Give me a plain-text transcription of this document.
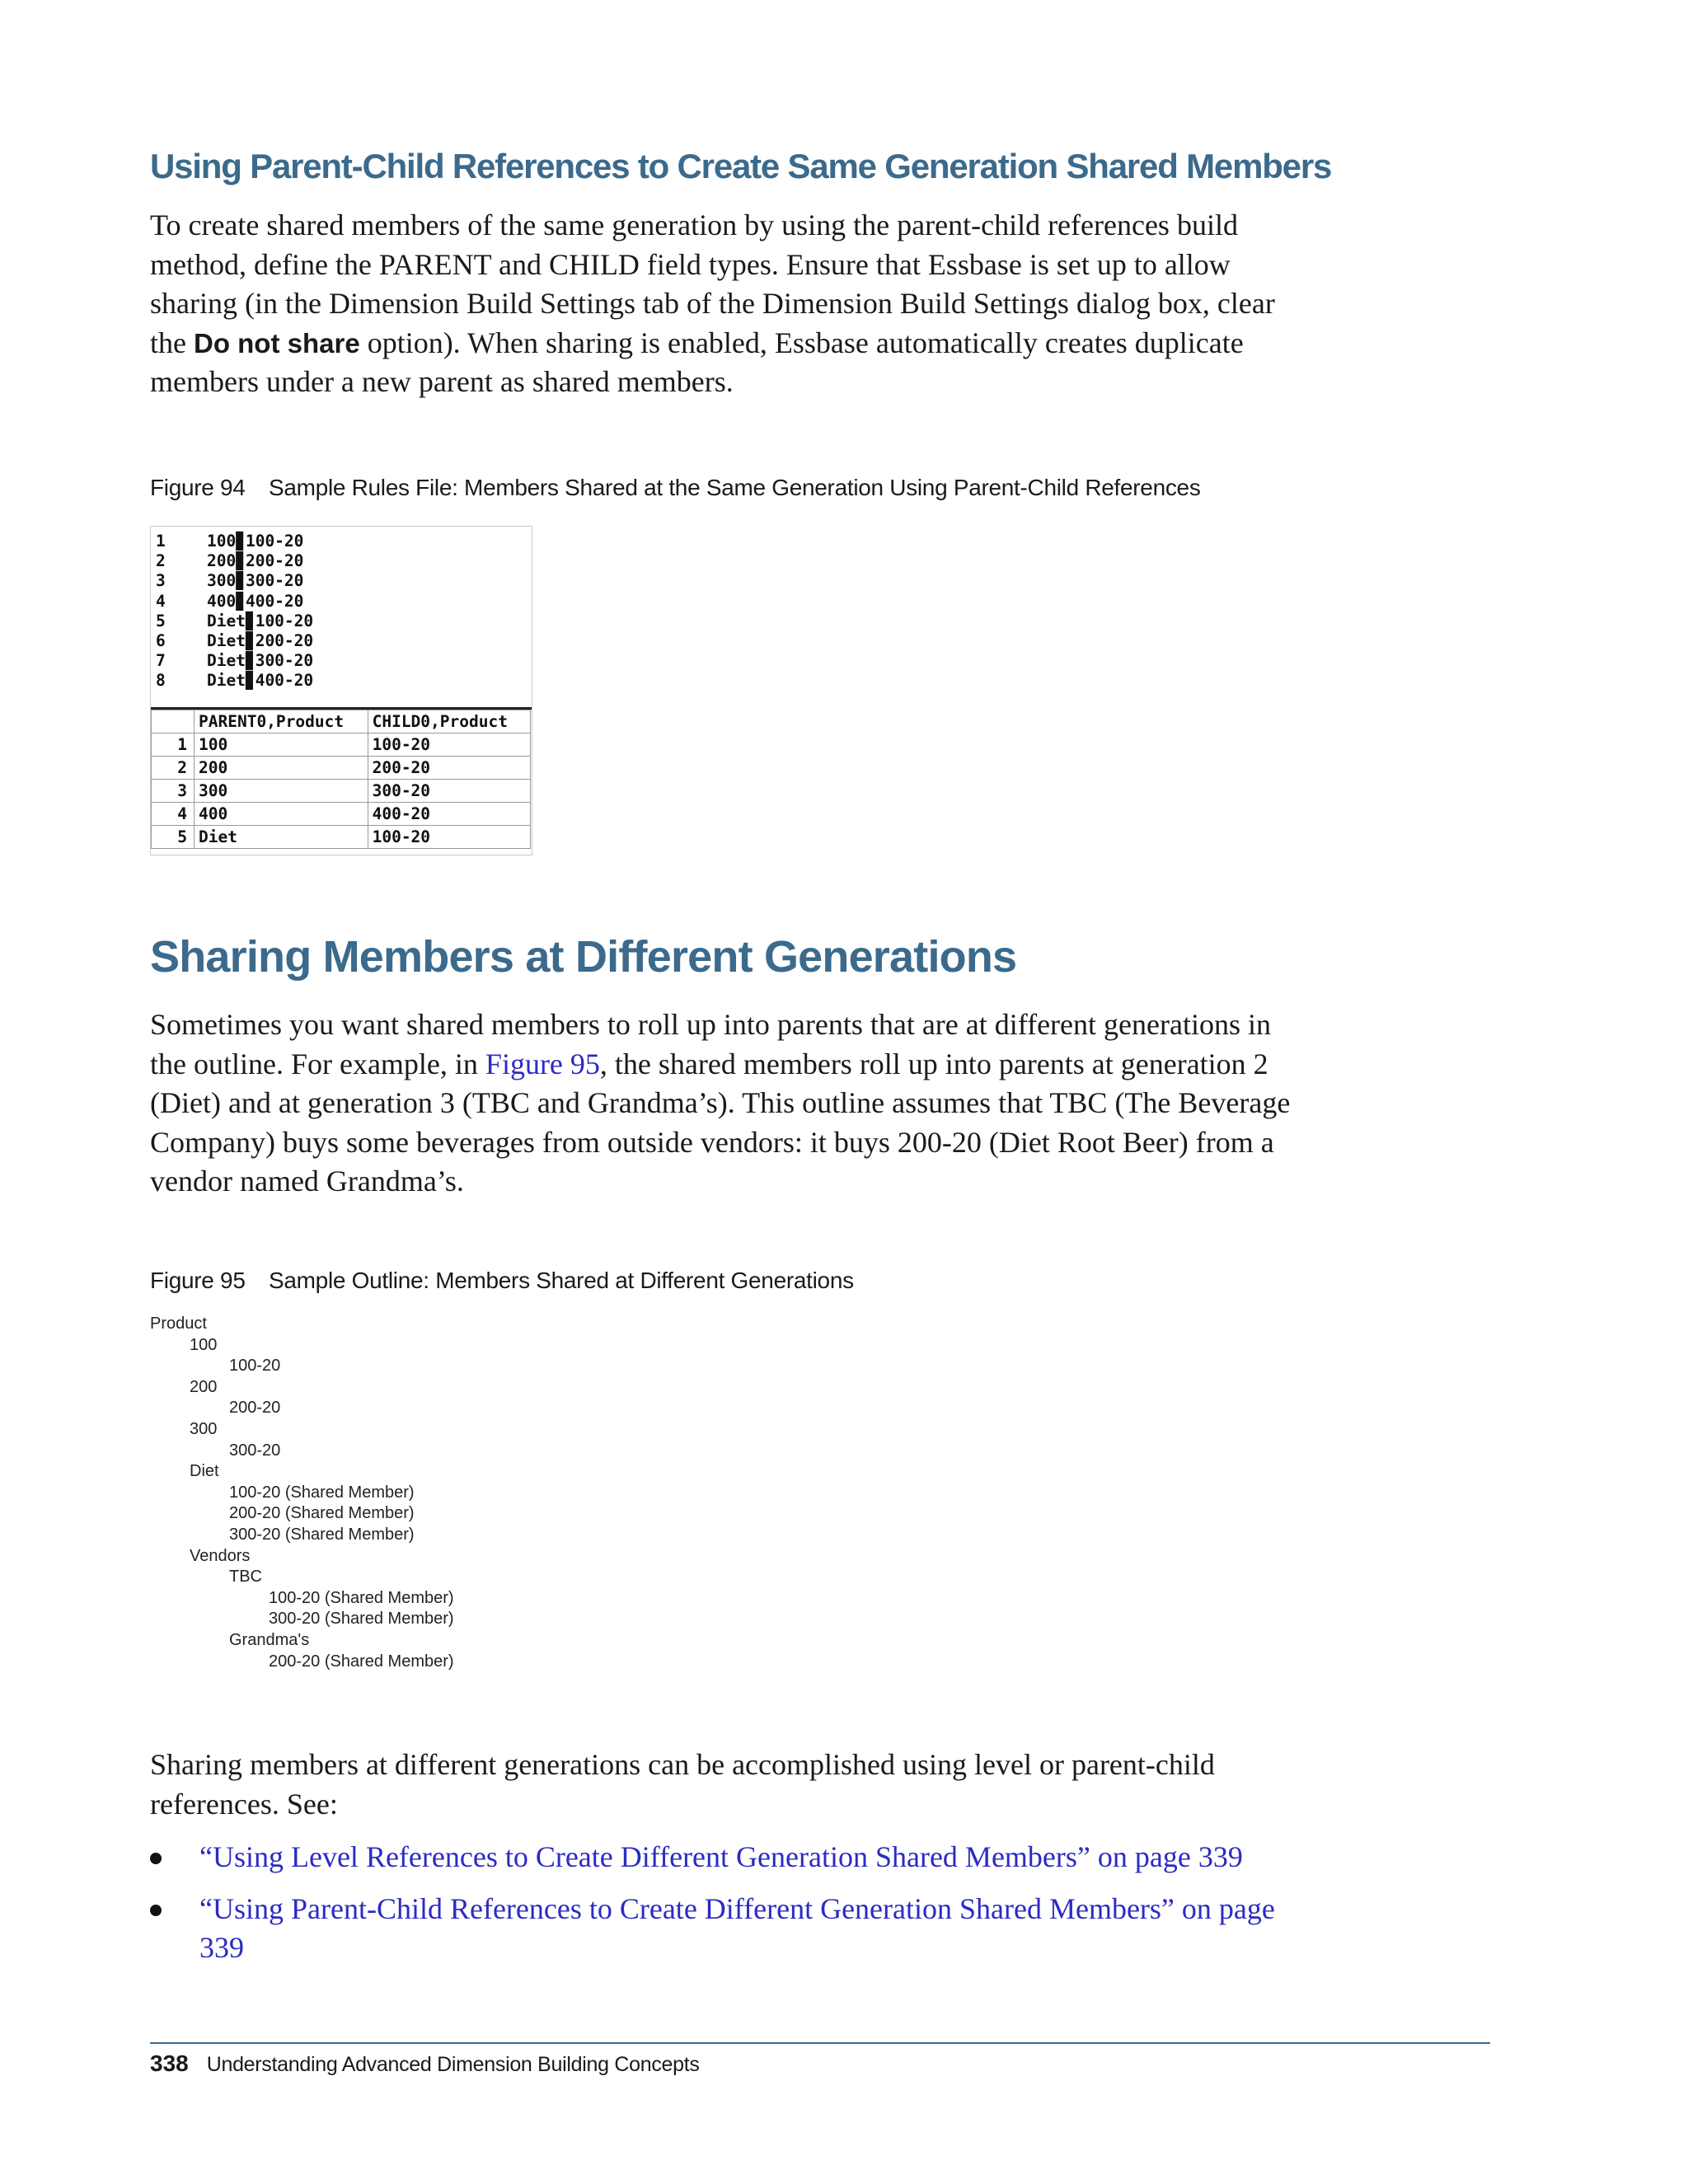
Using Parent-Child References to Create Same Generation Shared Members

To create shared members of the same generation by using the parent-child references build method, define the PARENT and CHILD field types. Ensure that Essbase is set up to allow sharing (in the Dimension Build Settings tab of the Dimension Build Settings dialog box, clear the Do not share option). When sharing is enabled, Essbase automatically creates duplicate members under a new parent as shared members.

Figure 94 Sample Rules File: Members Shared at the Same Generation Using Parent-Child References

1	100▊100-20
2	200▊200-20
3	300▊300-20
4	400▊400-20
5	Diet▊100-20
6	Diet▊200-20
7	Diet▊300-20
8	Diet▊400-20
	PARENT0,Product	CHILD0,Product
1	100	100-20
2	200	200-20
3	300	300-20
4	400	400-20
5	Diet	100-20
Sharing Members at Different Generations

Sometimes you want shared members to roll up into parents that are at different generations in the outline. For example, in Figure 95, the shared members roll up into parents at generation 2 (Diet) and at generation 3 (TBC and Grandma’s). This outline assumes that TBC (The Beverage Company) buys some beverages from outside vendors: it buys 200-20 (Diet Root Beer) from a vendor named Grandma’s.

Figure 95 Sample Outline: Members Shared at Different Generations

Product
100
100-20
200
200-20
300
300-20
Diet
100-20 (Shared Member)
200-20 (Shared Member)
300-20 (Shared Member)
Vendors
TBC
100-20 (Shared Member)
300-20 (Shared Member)
Grandma's
200-20 (Shared Member)

Sharing members at different generations can be accomplished using level or parent-child references. See:

“Using Level References to Create Different Generation Shared Members” on page 339
“Using Parent-Child References to Create Different Generation Shared Members” on page 339
338 Understanding Advanced Dimension Building Concepts
